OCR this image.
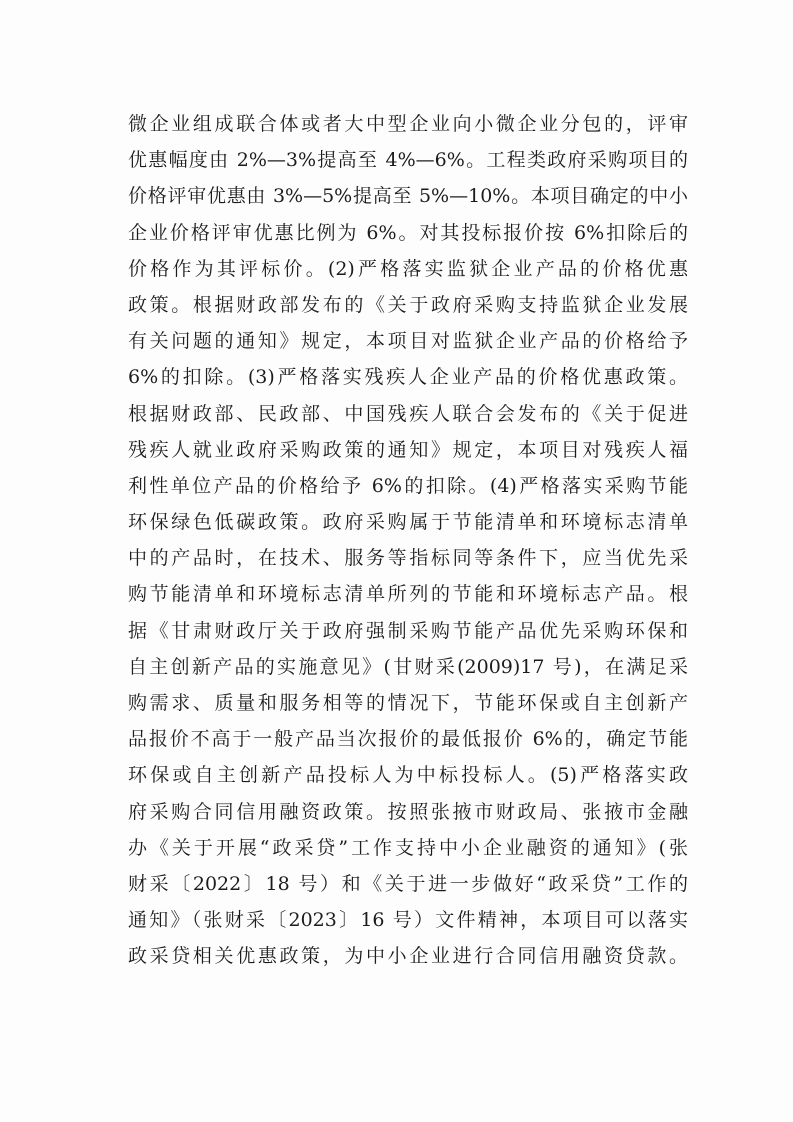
微企业组成联合体或者大中型企业向小微企业分包的，评审
优惠幅度由 2%—3%提高至 4%—6%。工程类政府采购项目的
价格评审优惠由 3%—5%提高至 5%—10%。本项目确定的中小
企业价格评审优惠比例为 6%。对其投标报价按 6%扣除后的
价格作为其评标价。(2)严格落实监狱企业产品的价格优惠
政策。根据财政部发布的《关于政府采购支持监狱企业发展
有关问题的通知》规定，本项目对监狱企业产品的价格给予
6%的扣除。(3)严格落实残疾人企业产品的价格优惠政策。
根据财政部、民政部、中国残疾人联合会发布的《关于促进
残疾人就业政府采购政策的通知》规定，本项目对残疾人福
利性单位产品的价格给予 6%的扣除。(4)严格落实采购节能
环保绿色低碳政策。政府采购属于节能清单和环境标志清单
中的产品时，在技术、服务等指标同等条件下，应当优先采
购节能清单和环境标志清单所列的节能和环境标志产品。根
据《甘肃财政厅关于政府强制采购节能产品优先采购环保和
自主创新产品的实施意见》(甘财采(2009)17 号)，在满足采
购需求、质量和服务相等的情况下，节能环保或自主创新产
品报价不高于一般产品当次报价的最低报价 6%的，确定节能
环保或自主创新产品投标人为中标投标人。(5)严格落实政
府采购合同信用融资政策。按照张掖市财政局、张掖市金融
办《关于开展“政采贷”工作支持中小企业融资的通知》(张
财采〔2022〕18 号）和《关于进一步做好“政采贷”工作的
通知》（张财采〔2023〕16 号）文件精神，本项目可以落实
政采贷相关优惠政策，为中小企业进行合同信用融资贷款。
